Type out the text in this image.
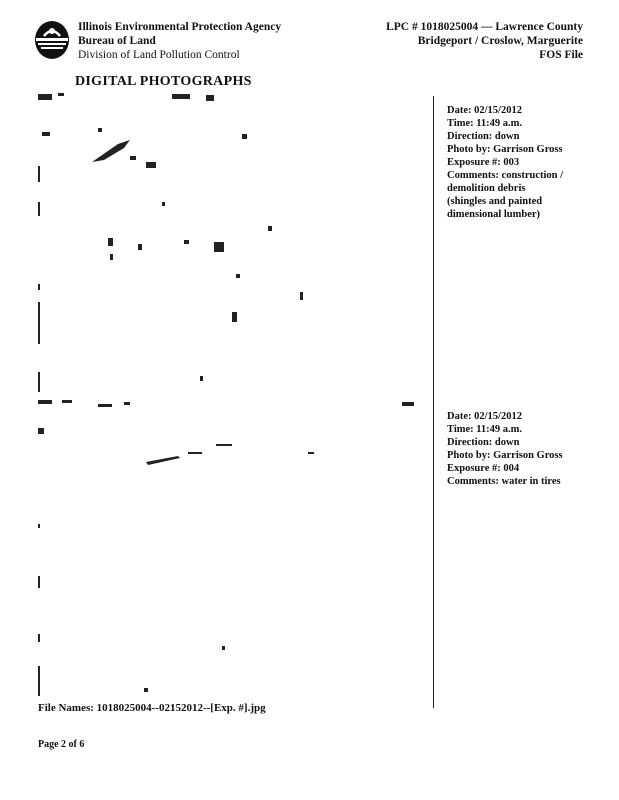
Illinois Environmental Protection Agency
Bureau of Land
Division of Land Pollution Control
LPC # 1018025004 — Lawrence County
Bridgeport / Croslow, Marguerite
FOS File
DIGITAL PHOTOGRAPHS
Date: 02/15/2012
Time: 11:49 a.m.
Direction: down
Photo by: Garrison Gross
Exposure #: 003
Comments: construction /
demolition debris
(shingles and painted
dimensional lumber)
Date: 02/15/2012
Time: 11:49 a.m.
Direction: down
Photo by: Garrison Gross
Exposure #: 004
Comments: water in tires
File Names: 1018025004--02152012--[Exp. #].jpg
Page 2 of 6
